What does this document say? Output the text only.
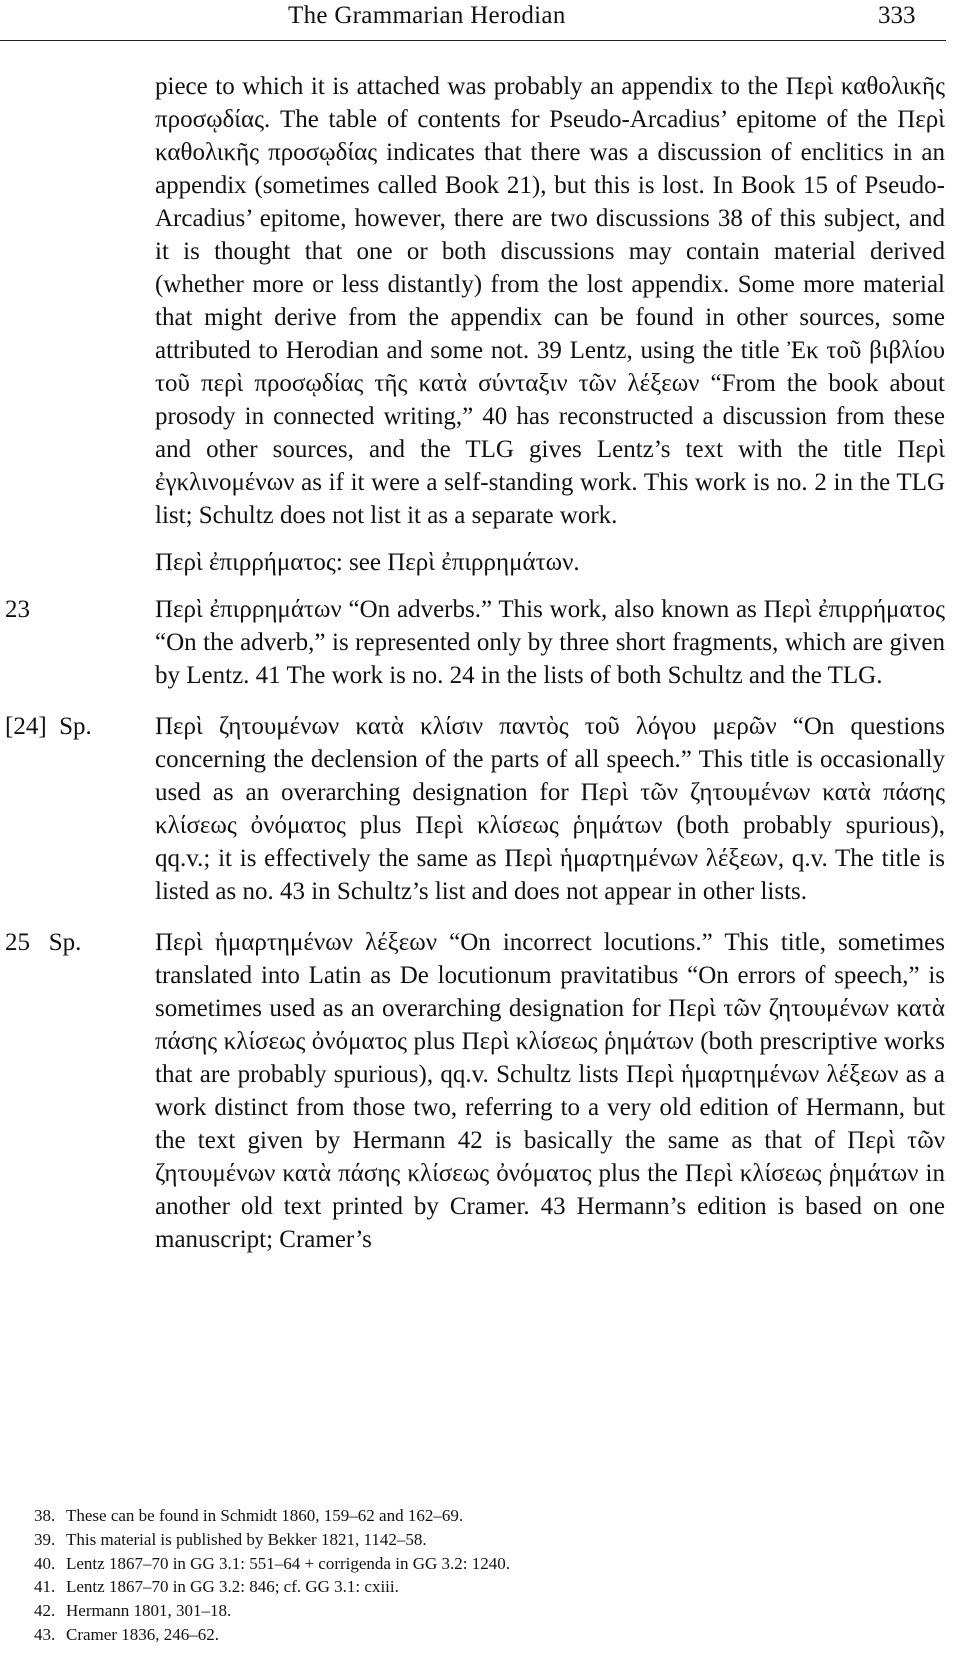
The Grammarian Herodian	333

piece to which it is attached was probably an appendix to the Περὶ καθολικῆς προσῳδίας. The table of contents for Pseudo-Arcadius’ epitome of the Περὶ καθολικῆς προσῳδίας indicates that there was a discussion of enclitics in an appendix (sometimes called Book 21), but this is lost. In Book 15 of Pseudo-Arcadius’ epitome, however, there are two discussions 38 of this subject, and it is thought that one or both discussions may contain material derived (whether more or less distantly) from the lost appendix. Some more material that might derive from the appendix can be found in other sources, some attributed to Herodian and some not. 39 Lentz, using the title Ἐκ τοῦ βιβλίου τοῦ περὶ προσῳδίας τῆς κατὰ σύνταξιν τῶν λέξεων “From the book about prosody in connected writing,” 40 has reconstructed a discussion from these and other sources, and the TLG gives Lentz’s text with the title Περὶ ἐγκλινομένων as if it were a self-standing work. This work is no. 2 in the TLG list; Schultz does not list it as a separate work.

Περὶ ἐπιρρήματος: see Περὶ ἐπιρρημάτων.

23	Περὶ ἐπιρρημάτων “On adverbs.” This work, also known as Περὶ ἐπιρρήματος “On the adverb,” is represented only by three short fragments, which are given by Lentz. 41 The work is no. 24 in the lists of both Schultz and the TLG.

[24]  Sp.	Περὶ ζητουμένων κατὰ κλίσιν παντὸς τοῦ λόγου μερῶν “On questions concerning the declension of the parts of all speech.” This title is occasionally used as an overarching designation for Περὶ τῶν ζητουμένων κατὰ πάσης κλίσεως ὀνόματος plus Περὶ κλίσεως ῥημάτων (both probably spurious), qq.v.; it is effectively the same as Περὶ ἡμαρτημένων λέξεων, q.v. The title is listed as no. 43 in Schultz’s list and does not appear in other lists.

25   Sp.	Περὶ ἡμαρτημένων λέξεων “On incorrect locutions.” This title, sometimes translated into Latin as De locutionum pravitatibus “On errors of speech,” is sometimes used as an overarching designation for Περὶ τῶν ζητουμένων κατὰ πάσης κλίσεως ὀνόματος plus Περὶ κλίσεως ῥημάτων (both prescriptive works that are probably spurious), qq.v. Schultz lists Περὶ ἡμαρτημένων λέξεων as a work distinct from those two, referring to a very old edition of Hermann, but the text given by Hermann 42 is basically the same as that of Περὶ τῶν ζητουμένων κατὰ πάσης κλίσεως ὀνόματος plus the Περὶ κλίσεως ῥημάτων in another old text printed by Cramer. 43 Hermann’s edition is based on one manuscript; Cramer’s

38. These can be found in Schmidt 1860, 159–62 and 162–69.

39. This material is published by Bekker 1821, 1142–58.

40. Lentz 1867–70 in GG 3.1: 551–64 + corrigenda in GG 3.2: 1240.

41. Lentz 1867–70 in GG 3.2: 846; cf. GG 3.1: cxiii.

42. Hermann 1801, 301–18.

43. Cramer 1836, 246–62.
